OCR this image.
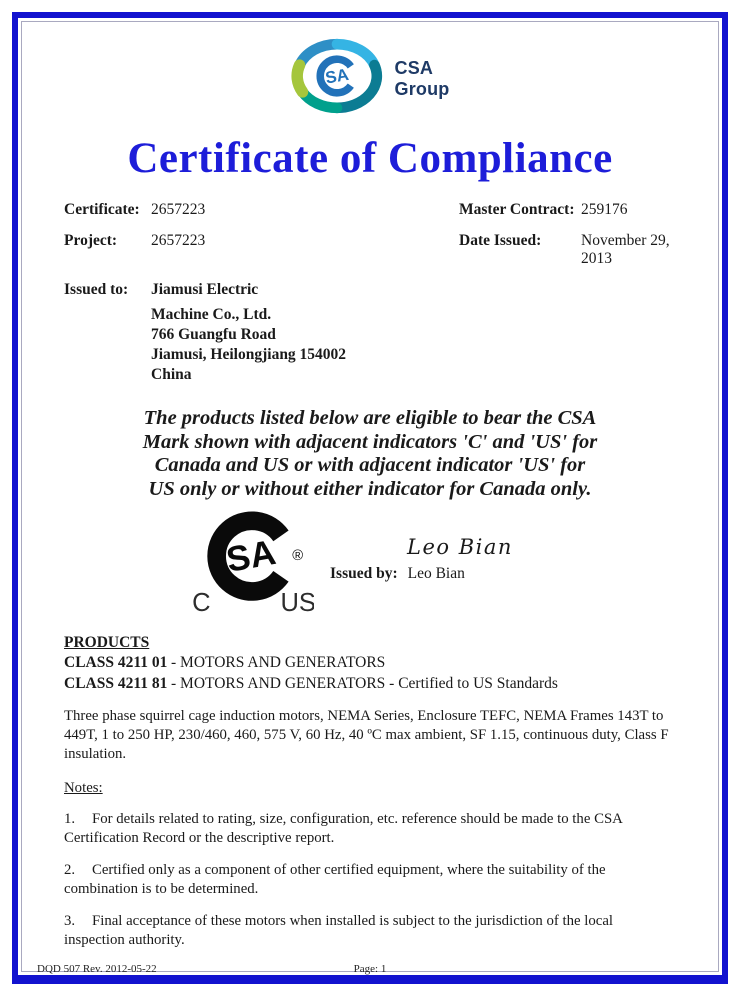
SA CSA
Group
Certificate of Compliance
Certificate: 2657223	Master Contract: 259176
Project:	2657223	Date Issued:	November 29, 2013
Issued to:	Jiamusi Electric
Machine Co., Ltd.
766 Guangfu Road
Jiamusi, Heilongjiang 154002
China
The products listed below are eligible to bear the CSA
Mark shown with adjacent indicators 'C' and 'US' for
Canada and US or with adjacent indicator 'US' for
US only or without either indicator for Canada only.
SA ®
C	US
Leo Bian
Issued by: Leo Bian
PRODUCTS
CLASS 4211 01 - MOTORS AND GENERATORS
CLASS 4211 81 - MOTORS AND GENERATORS - Certified to US Standards
Three phase squirrel cage induction motors, NEMA Series, Enclosure TEFC, NEMA Frames 143T to 449T, 1 to 250 HP, 230/460, 460, 575 V, 60 Hz, 40 ºC max ambient, SF 1.15, continuous duty, Class F insulation.
Notes:
1. For details related to rating, size, configuration, etc. reference should be made to the CSA Certification Record or the descriptive report.
2. Certified only as a component of other certified equipment, where the suitability of the combination is to be determined.
3. Final acceptance of these motors when installed is subject to the jurisdiction of the local inspection authority.
DQD 507 Rev. 2012-05-22	Page: 1
